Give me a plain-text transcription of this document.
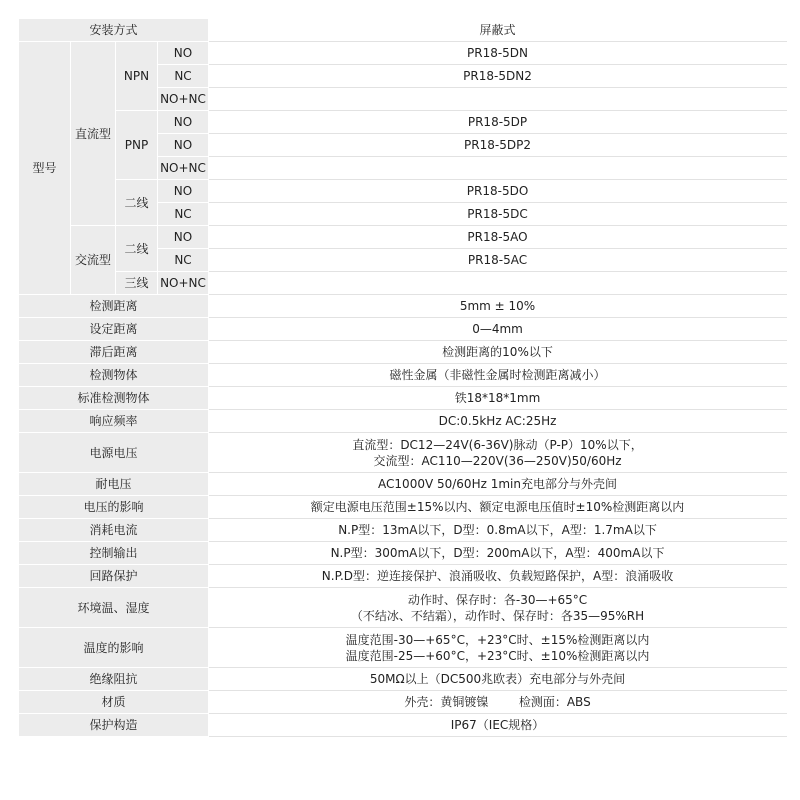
安装方式				屏蔽式
型号	直流型	NPN	NO	PR18-5DN
			NC	PR18-5DN2
			NO+NC	
		PNP	NO	PR18-5DP
			NO	PR18-5DP2
			NO+NC	
		二线	NO	PR18-5DO
			NC	PR18-5DC
	交流型	二线	NO	PR18-5AO
			NC	PR18-5AC
		三线	NO+NC	
检测距离				5mm ± 10%
设定距离				0—4mm
滞后距离				检测距离的10%以下
检测物体				磁性金属（非磁性金属时检测距离减小）
标准检测物体				铁18*18*1mm
响应频率				DC:0.5kHz AC:25Hz
电源电压				直流型：DC12—24V(6-36V)脉动（P-P）10%以下，
交流型：AC110—220V(36—250V)50/60Hz

耐电压				AC1000V 50/60Hz 1min充电部分与外壳间
电压的影响				额定电源电压范围±15%以内、额定电源电压值时±10%检测距离以内
消耗电流				N.P型：13mA以下，D型：0.8mA以下，A型：1.7mA以下
控制输出				N.P型：300mA以下，D型：200mA以下，A型：400mA以下
回路保护				N.P.D型：逆连接保护、浪涌吸收、负载短路保护，A型：浪涌吸收
环境温、湿度				动作时、保存时：各-30—+65°C
（不结冰、不结霜），动作时、保存时：各35—95%RH

温度的影响				温度范围-30—+65°C，+23°C时、±15%检测距离以内
温度范围-25—+60°C，+23°C时、±10%检测距离以内

绝缘阻抗				50MΩ以上（DC500兆欧表）充电部分与外壳间
材质				外壳：黄铜镀镍        检测面：ABS
保护构造				IP67（IEC规格）
